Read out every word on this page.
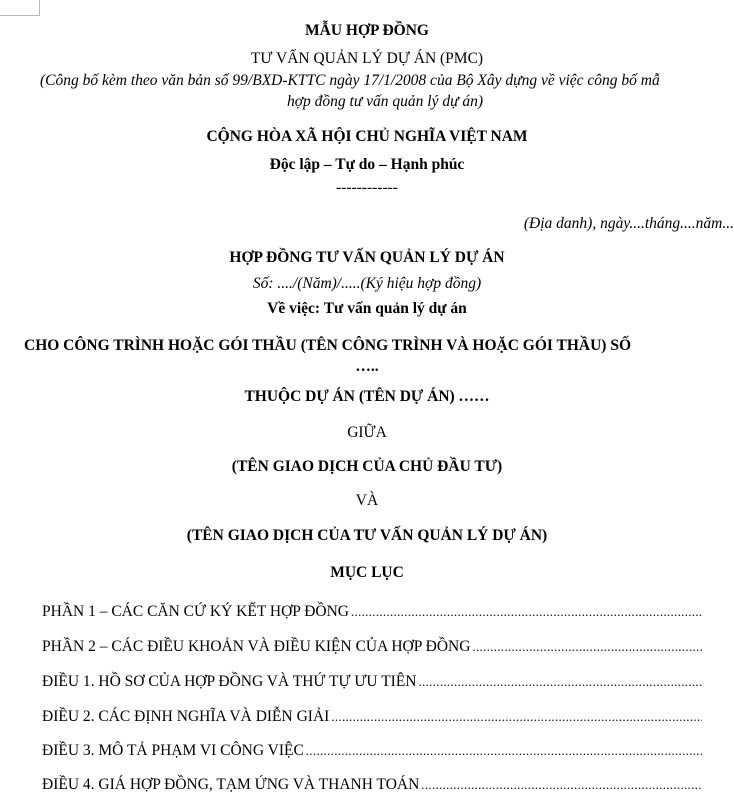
MẪU HỢP ĐỒNG
TƯ VẤN QUẢN LÝ DỰ ÁN (PMC)
(Công bố kèm theo văn bản số 99/BXD-KTTC ngày 17/1/2008 của Bộ Xây dựng về việc công bố mẫ
hợp đồng tư vấn quản lý dự án)
CỘNG HÒA XÃ HỘI CHỦ NGHĨA VIỆT NAM
Độc lập – Tự do – Hạnh phúc
------------
(Địa danh), ngày....tháng....năm...
HỢP ĐỒNG TƯ VẤN QUẢN LÝ DỰ ÁN
Số: ..../(Năm)/.....(Ký hiệu hợp đồng)
Về việc: Tư vấn quản lý dự án
CHO CÔNG TRÌNH HOẶC GÓI THẦU (TÊN CÔNG TRÌNH VÀ HOẶC GÓI THẦU) SỐ
…..
THUỘC DỰ ÁN (TÊN DỰ ÁN) ……
GIỮA
(TÊN GIAO DỊCH CỦA CHỦ ĐẦU TƯ)
VÀ
(TÊN GIAO DỊCH CỦA TƯ VẤN QUẢN LÝ DỰ ÁN)
MỤC LỤC
PHẦN 1 – CÁC CĂN CỨ KÝ KẾT HỢP ĐỒNG
.....
PHẦN 2 – CÁC ĐIỀU KHOẢN VÀ ĐIỀU KIỆN CỦA HỢP ĐỒNG
.....
ĐIỀU 1. HỒ SƠ CỦA HỢP ĐỒNG VÀ THỨ TỰ ƯU TIÊN
.....
ĐIỀU 2. CÁC ĐỊNH NGHĨA VÀ DIỄN GIẢI
.....
ĐIỀU 3. MÔ TẢ PHẠM VI CÔNG VIỆC
.....
ĐIỀU 4. GIÁ HỢP ĐỒNG, TẠM ỨNG VÀ THANH TOÁN
.....
